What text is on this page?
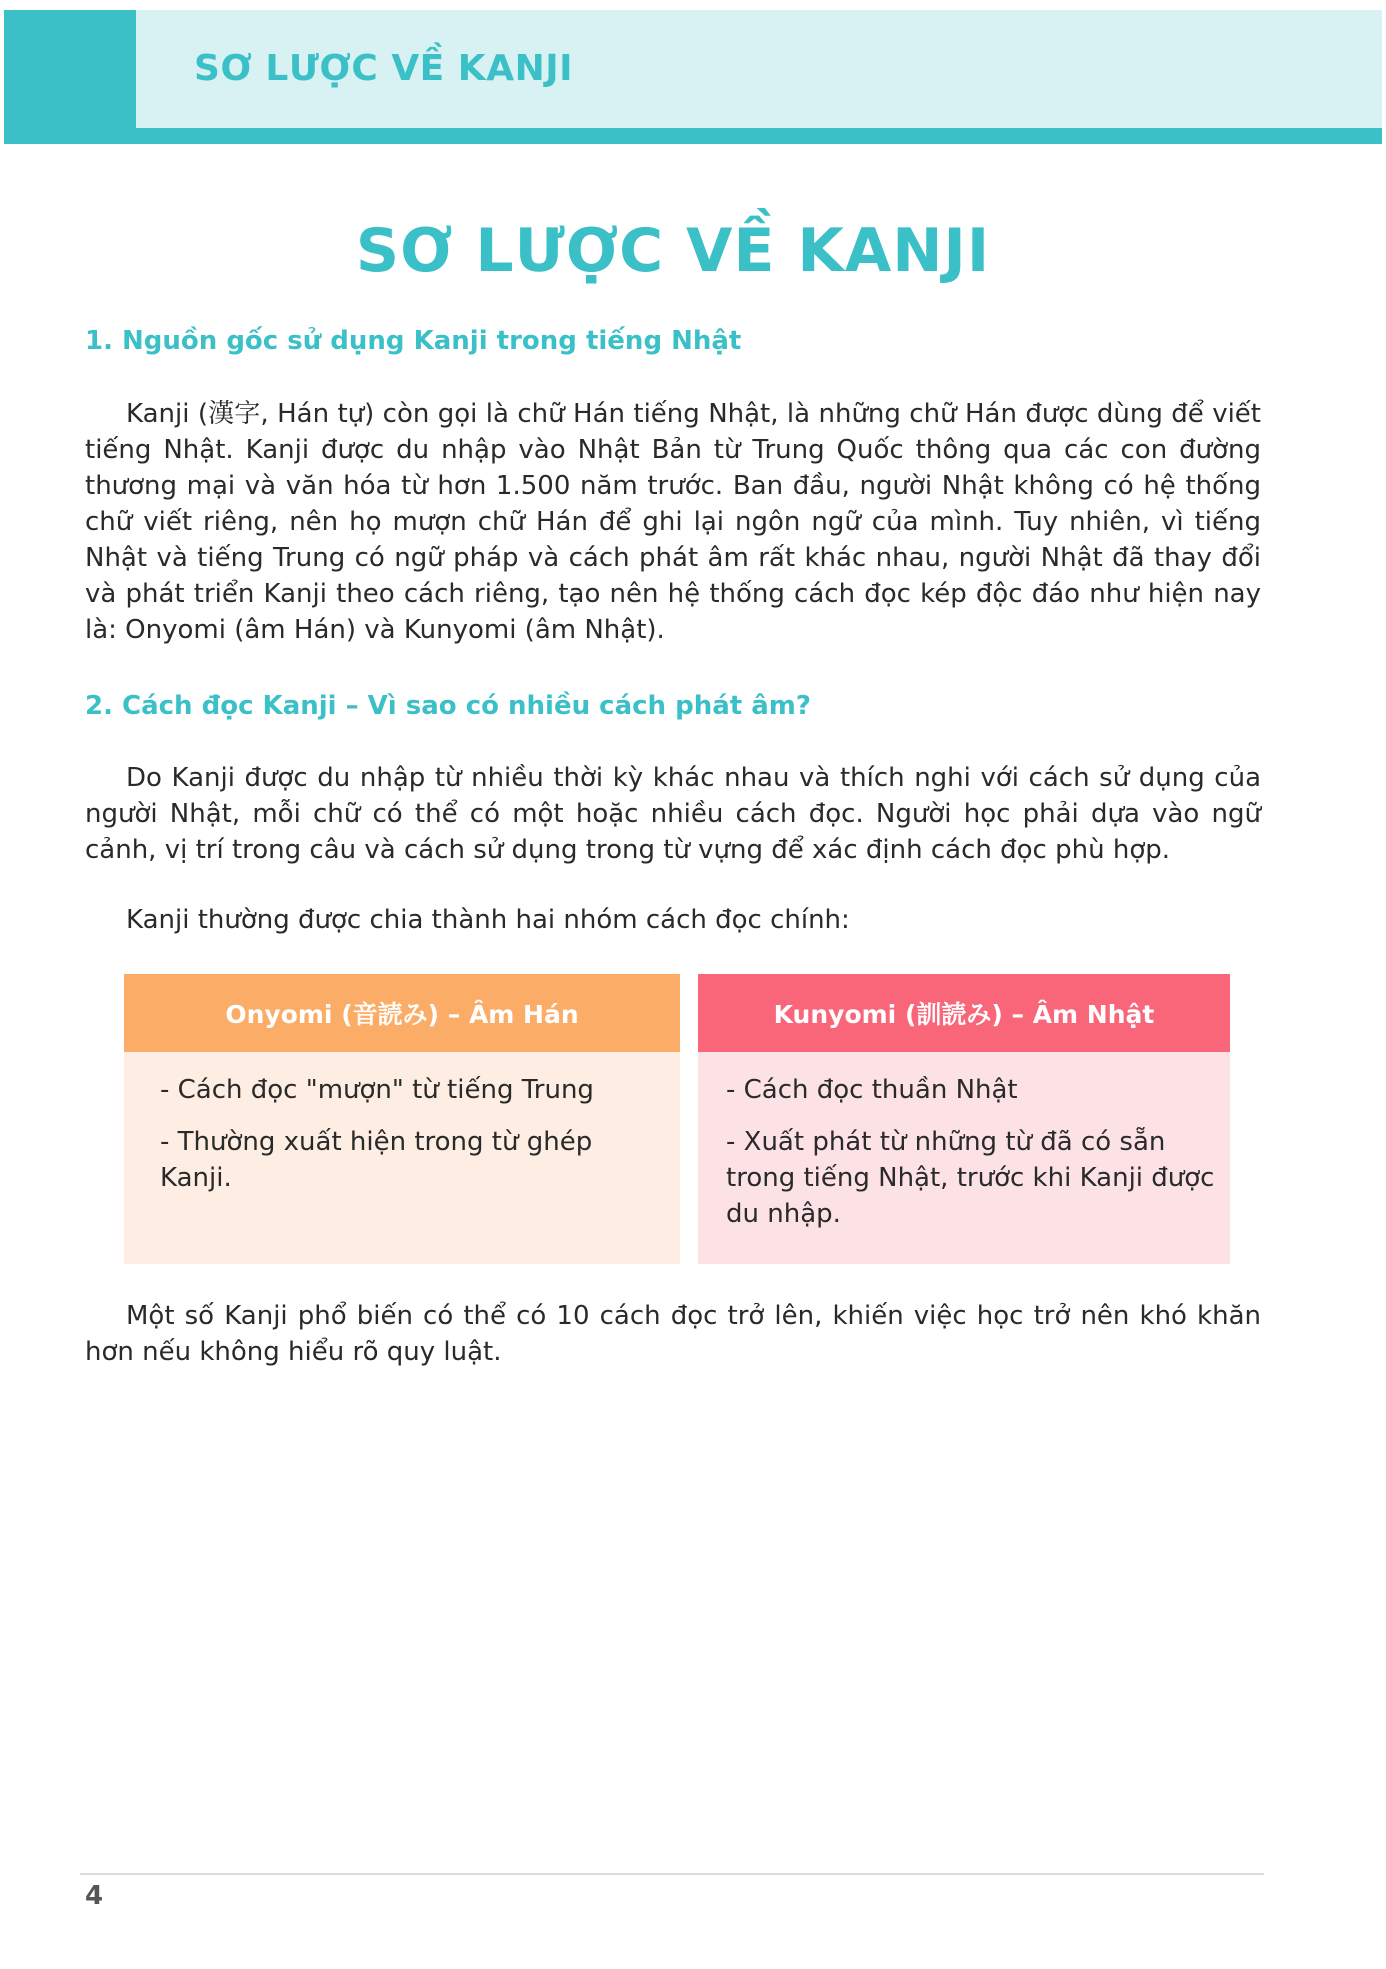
SƠ LƯỢC VỀ KANJI
SƠ LƯỢC VỀ KANJI
1. Nguồn gốc sử dụng Kanji trong tiếng Nhật

Kanji (漢字, Hán tự) còn gọi là chữ Hán tiếng Nhật, là những chữ Hán được dùng để viết tiếng Nhật. Kanji được du nhập vào Nhật Bản từ Trung Quốc thông qua các con đường thương mại và văn hóa từ hơn 1.500 năm trước. Ban đầu, người Nhật không có hệ thống chữ viết riêng, nên họ mượn chữ Hán để ghi lại ngôn ngữ của mình. Tuy nhiên, vì tiếng Nhật và tiếng Trung có ngữ pháp và cách phát âm rất khác nhau, người Nhật đã thay đổi và phát triển Kanji theo cách riêng, tạo nên hệ thống cách đọc kép độc đáo như hiện nay là: Onyomi (âm Hán) và Kunyomi (âm Nhật).

2. Cách đọc Kanji – Vì sao có nhiều cách phát âm?

Do Kanji được du nhập từ nhiều thời kỳ khác nhau và thích nghi với cách sử dụng của người Nhật, mỗi chữ có thể có một hoặc nhiều cách đọc. Người học phải dựa vào ngữ cảnh, vị trí trong câu và cách sử dụng trong từ vựng để xác định cách đọc phù hợp.

Kanji thường được chia thành hai nhóm cách đọc chính:

Onyomi (音読み) – Âm Hán

- Cách đọc "mượn" từ tiếng Trung

- Thường xuất hiện trong từ ghép Kanji.

Kunyomi (訓読み) – Âm Nhật

- Cách đọc thuần Nhật

- Xuất phát từ những từ đã có sẵn trong tiếng Nhật, trước khi Kanji được du nhập.

Một số Kanji phổ biến có thể có 10 cách đọc trở lên, khiến việc học trở nên khó khăn hơn nếu không hiểu rõ quy luật.

4
